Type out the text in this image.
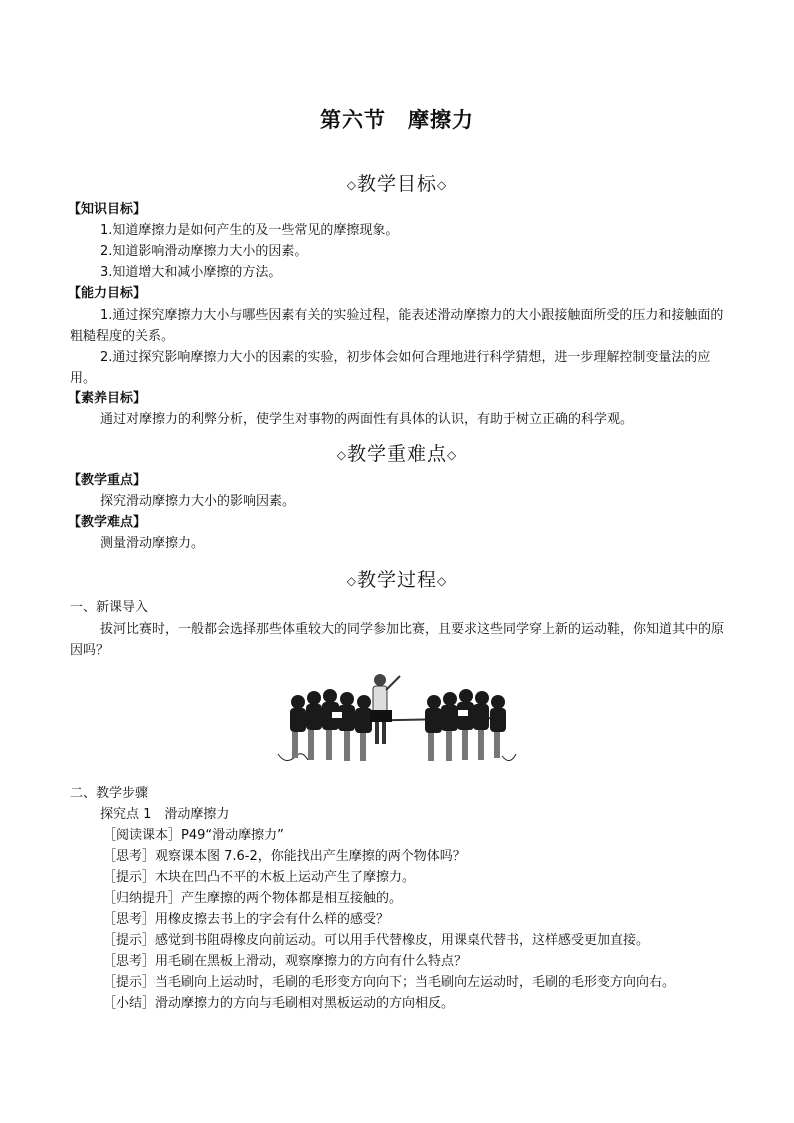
第六节　摩擦力
◇教学目标◇
【知识目标】
1.知道摩擦力是如何产生的及一些常见的摩擦现象。
2.知道影响滑动摩擦力大小的因素。
3.知道增大和减小摩擦的方法。
【能力目标】
1.通过探究摩擦力大小与哪些因素有关的实验过程，能表述滑动摩擦力的大小跟接触面所受的压力和接触面的粗糙程度的关系。
2.通过探究影响摩擦力大小的因素的实验，初步体会如何合理地进行科学猜想，进一步理解控制变量法的应用。
【素养目标】
通过对摩擦力的利弊分析，使学生对事物的两面性有具体的认识，有助于树立正确的科学观。
◇教学重难点◇
【教学重点】
探究滑动摩擦力大小的影响因素。
【教学难点】
测量滑动摩擦力。
◇教学过程◇
一、新课导入
拔河比赛时，一般都会选择那些体重较大的同学参加比赛，且要求这些同学穿上新的运动鞋，你知道其中的原因吗？
二、教学步骤
探究点 1　滑动摩擦力
［阅读课本］P49“滑动摩擦力”
［思考］观察课本图 7.6-2，你能找出产生摩擦的两个物体吗？
［提示］木块在凹凸不平的木板上运动产生了摩擦力。
［归纳提升］产生摩擦的两个物体都是相互接触的。
［思考］用橡皮擦去书上的字会有什么样的感受？
［提示］感觉到书阻碍橡皮向前运动。可以用手代替橡皮，用课桌代替书，这样感受更加直接。
［思考］用毛刷在黑板上滑动，观察摩擦力的方向有什么特点？
［提示］当毛刷向上运动时，毛刷的毛形变方向向下；当毛刷向左运动时，毛刷的毛形变方向向右。
［小结］滑动摩擦力的方向与毛刷相对黑板运动的方向相反。
